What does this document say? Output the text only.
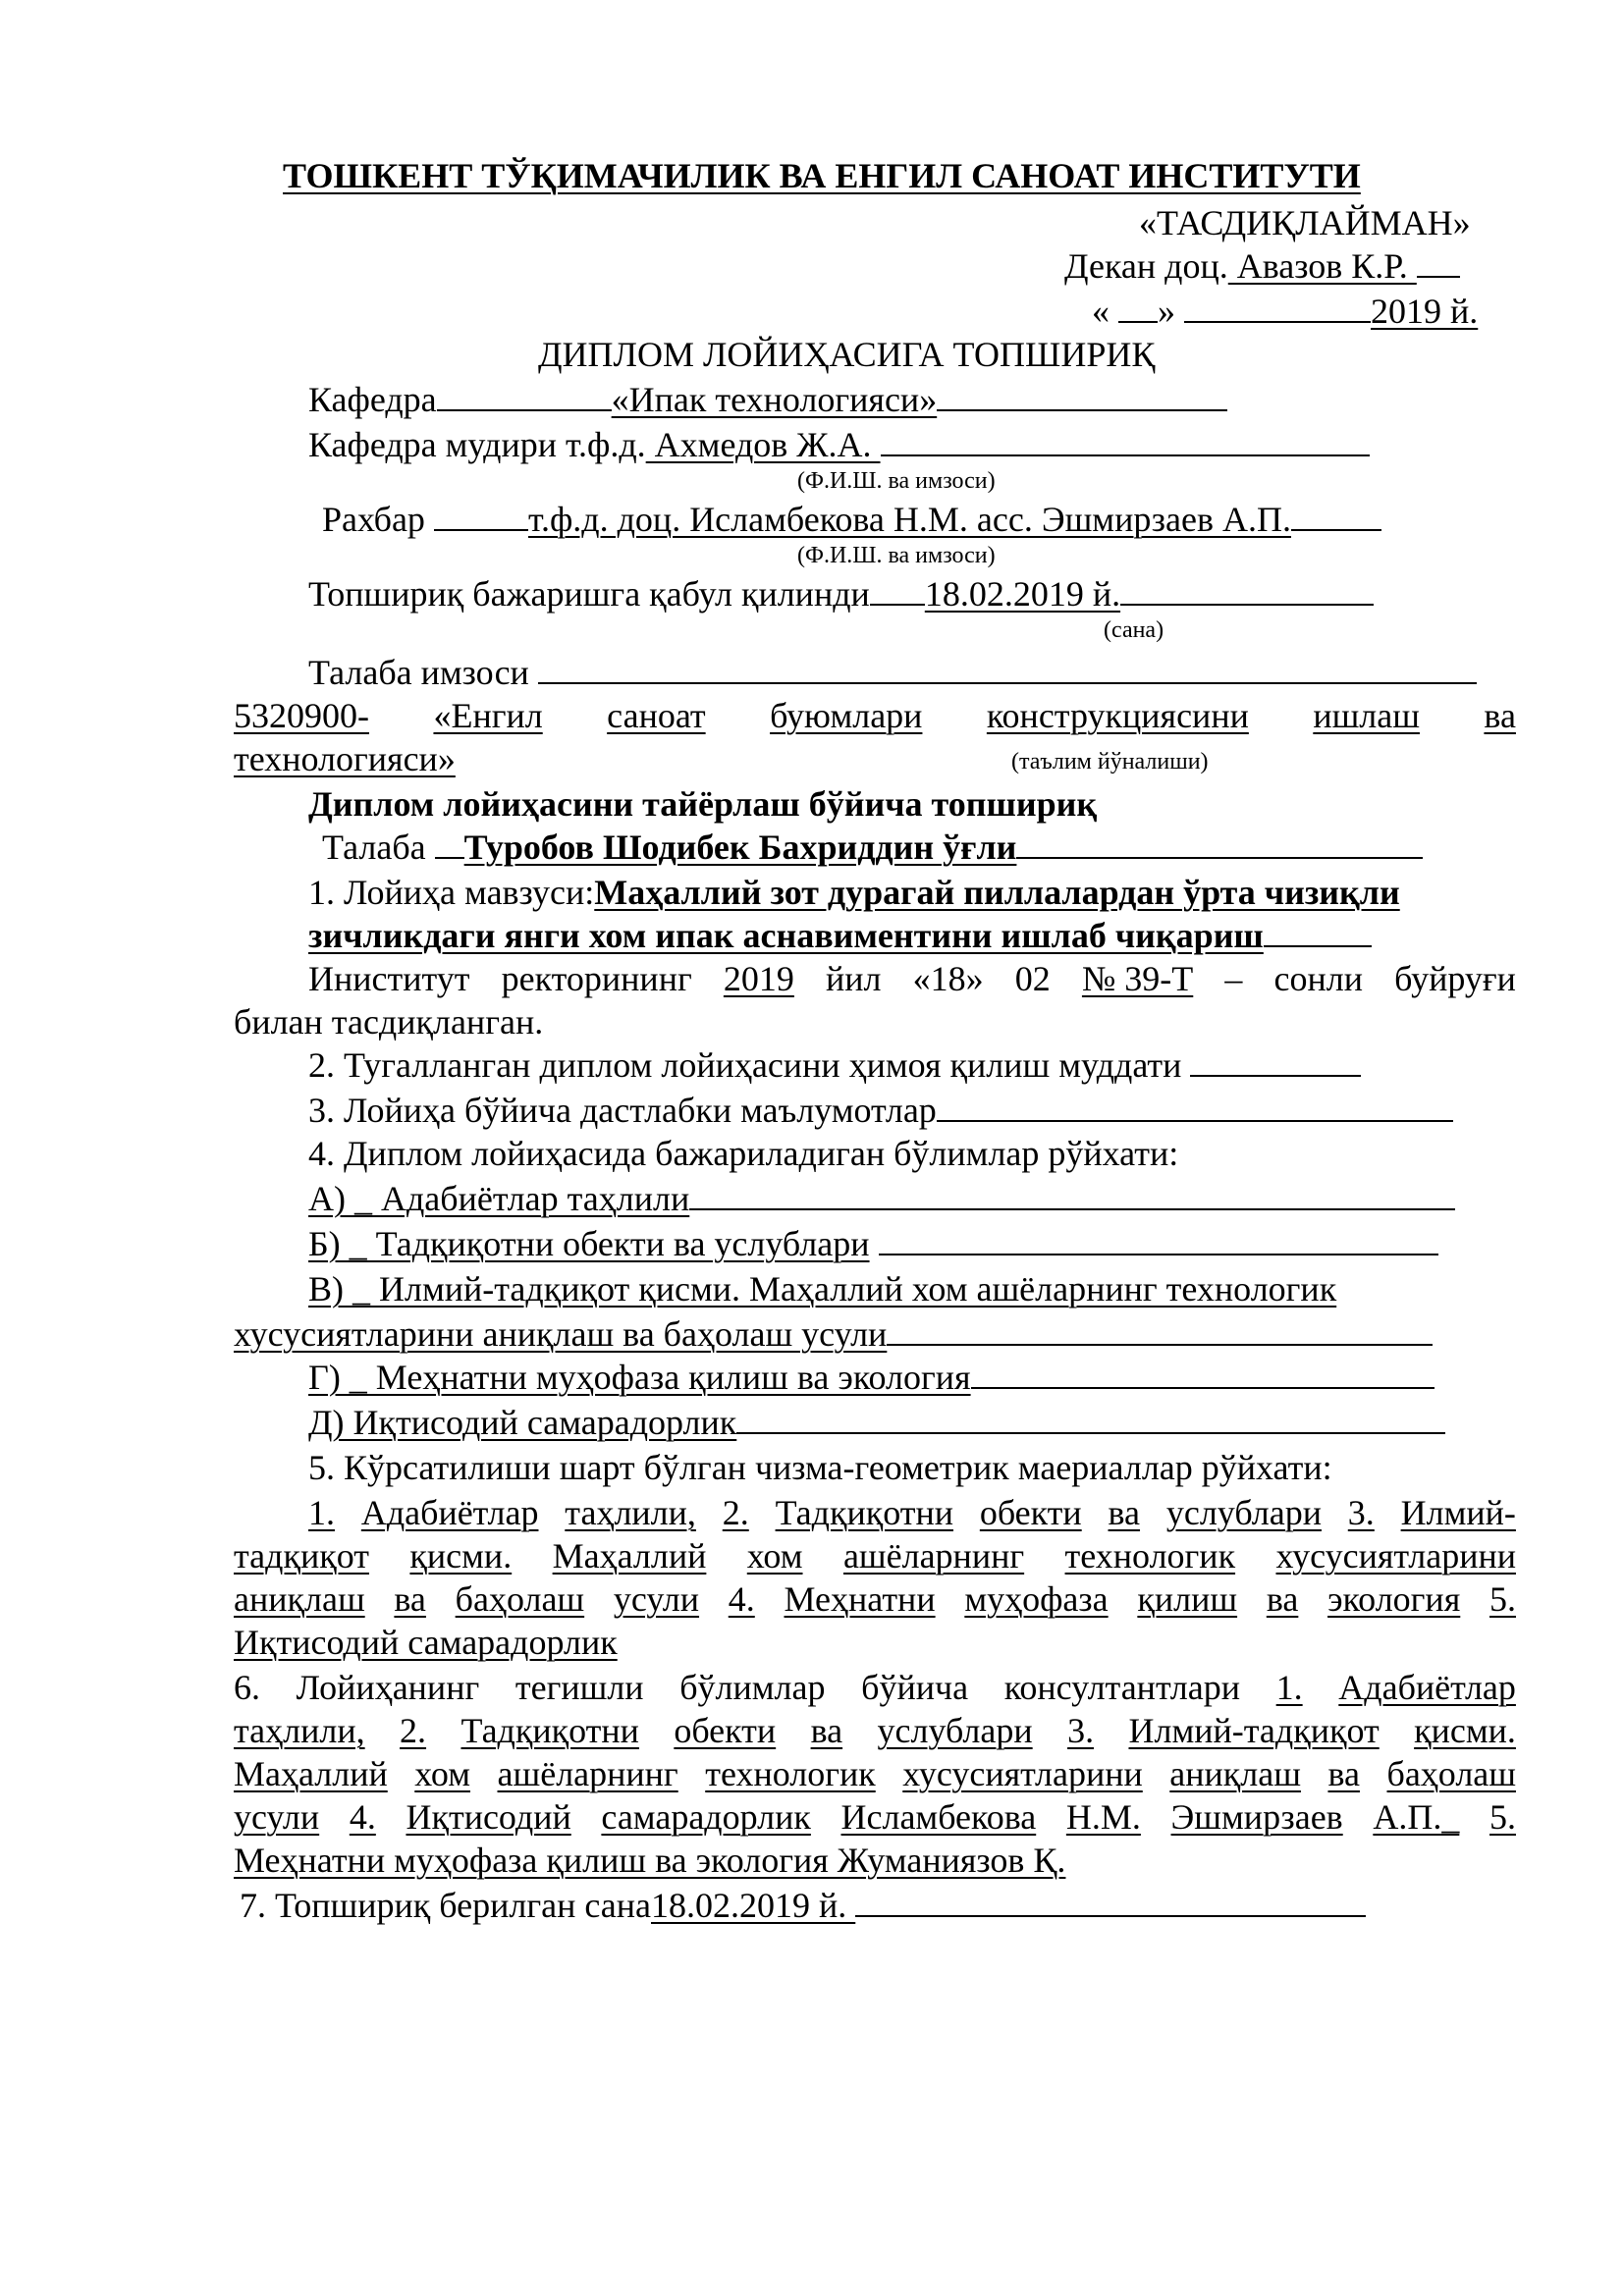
ТОШКЕНТ ТЎҚИМАЧИЛИК ВА ЕНГИЛ САНОАТ ИНСТИТУТИ
«ТАСДИҚЛАЙМАН»
Декан доц. Авазов К.Р.
« »	2019 й.
ДИПЛОМ ЛОЙИҲАСИГА ТОПШИРИҚ
Кафедра	«Ипак технологияси»
Кафедра мудири т.ф.д. Ахмедов Ж.А.
(Ф.И.Ш. ва имзоси)
Рахбар	т.ф.д. доц. Исламбекова Н.М. асс. Эшмирзаев А.П.
(Ф.И.Ш. ва имзоси)
Топшириқ бажаришга қабул қилинди 18.02.2019 й.
(сана)
Талаба имзоси
5320900- «Енгил саноат буюмлари конструкциясини ишлаш ва
технологияси»	(таълим йўналиши)
Диплом лойиҳасини тайёрлаш бўйича топшириқ
Талаба Туробов Шодибек Бахриддин ўғли
1. Лойиҳа мавзуси:Маҳаллий зот дурагай пиллалардан ўрта чизиқли
зичликдаги янги хом ипак аснавиментини ишлаб чиқариш
Иниститут ректорининг 2019 йил «18» 02 № 39-Т – сонли буйруғи
билан тасдиқланган.
2. Тугалланган диплом лойиҳасини ҳимоя қилиш муддати
3. Лойиҳа бўйича дастлабки маълумотлар
4. Диплом лойиҳасида бажариладиган бўлимлар рўйхати:
А) _ Адабиётлар таҳлили
Б) _ Тадқиқотни обекти ва услублари
В) _ Илмий-тадқиқот қисми. Маҳаллий хом ашёларнинг технологик
хусусиятларини аниқлаш ва баҳолаш усули
Г) _ Меҳнатни муҳофаза қилиш ва экология
Д) Иқтисодий самарадорлик
5. Кўрсатилиши шарт бўлган чизма-геометрик маериаллар рўйхати:
1. Адабиётлар таҳлили, 2. Тадқиқотни обекти ва услублари 3. Илмий-
тадқиқот қисми. Маҳаллий хом ашёларнинг технологик хусусиятларини
аниқлаш ва баҳолаш усули 4. Меҳнатни муҳофаза қилиш ва экология 5.
Иқтисодий самарадорлик
6. Лойиҳанинг тегишли бўлимлар бўйича консултантлари 1. Адабиётлар
таҳлили, 2. Тадқиқотни обекти ва услублари 3. Илмий-тадқиқот қисми.
Маҳаллий хом ашёларнинг технологик хусусиятларини аниқлаш ва баҳолаш
усули 4. Иқтисодий самарадорлик Исламбекова Н.М. Эшмирзаев А.П._ 5.
Меҳнатни муҳофаза қилиш ва экология Жуманиязов Қ.
7. Топшириқ берилган сана18.02.2019 й.
